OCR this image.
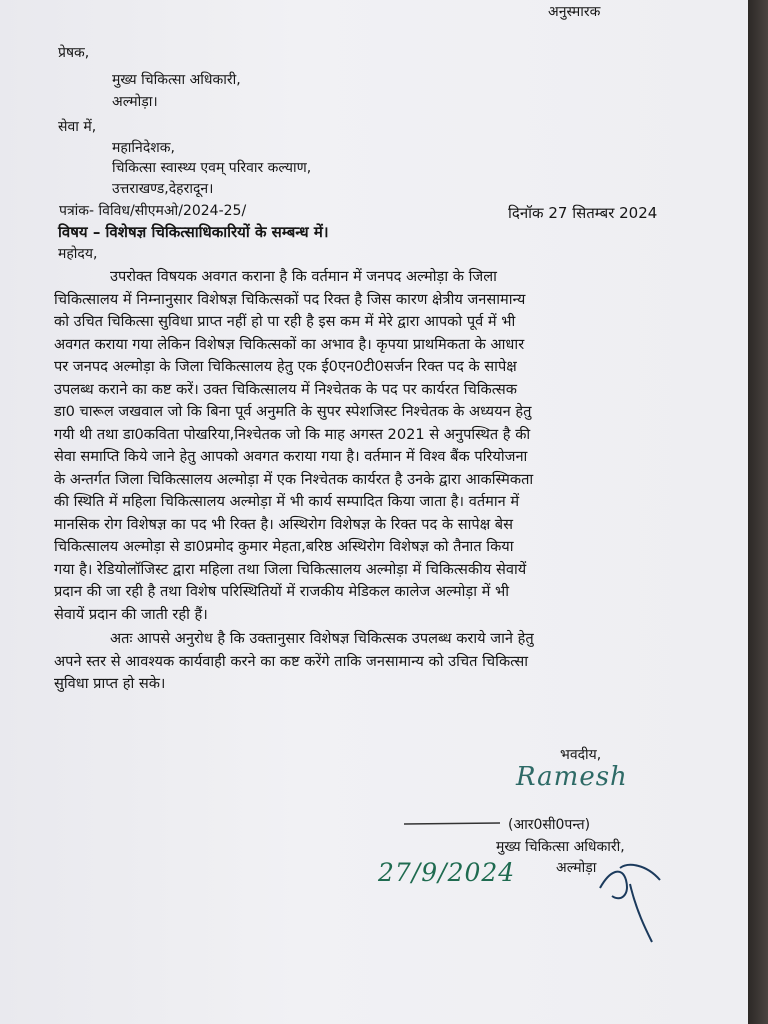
अनुस्मारक
प्रेषक,
मुख्य चिकित्सा अधिकारी,
अल्मोड़ा।
सेवा में,
महानिदेशक,
चिकित्सा स्वास्थ्य एवम् परिवार कल्याण,
उत्तराखण्ड,देहरादून।
पत्रांक- विविध/सीएमओ/2024-25/	दिनॉक 27 सितम्बर 2024
विषय – विशेषज्ञ चिकित्साधिकारियों के सम्बन्ध में।
महोदय,
उपरोक्त विषयक अवगत कराना है कि वर्तमान में जनपद अल्मोड़ा के जिला
चिकित्सालय में निम्नानुसार विशेषज्ञ चिकित्सकों पद रिक्त है जिस कारण क्षेत्रीय जनसामान्य
को उचित चिकित्सा सुविधा प्राप्त नहीं हो पा रही है इस कम में मेरे द्वारा आपको पूर्व में भी
अवगत कराया गया लेकिन विशेषज्ञ चिकित्सकों का अभाव है। कृपया प्राथमिकता के आधार
पर जनपद अल्मोड़ा के जिला चिकित्सालय हेतु एक ई0एन0टी0सर्जन रिक्त पद के सापेक्ष
उपलब्ध कराने का कष्ट करें। उक्त चिकित्सालय में निश्चेतक के पद पर कार्यरत चिकित्सक
डा0 चारूल जखवाल जो कि बिना पूर्व अनुमति के सुपर स्पेशजिस्ट निश्चेतक के अध्ययन हेतु
गयी थी तथा डा0कविता पोखरिया,निश्चेतक जो कि माह अगस्त 2021 से अनुपस्थित है की
सेवा समाप्ति किये जाने हेतु आपको अवगत कराया गया है। वर्तमान में विश्व बैंक परियोजना
के अन्तर्गत जिला चिकित्सालय अल्मोड़ा में एक निश्चेतक कार्यरत है उनके द्वारा आकस्मिकता
की स्थिति में महिला चिकित्सालय अल्मोड़ा में भी कार्य सम्पादित किया जाता है। वर्तमान में
मानसिक रोग विशेषज्ञ का पद भी रिक्त है। अस्थिरोग विशेषज्ञ के रिक्त पद के सापेक्ष बेस
चिकित्सालय अल्मोड़ा से डा0प्रमोद कुमार मेहता,बरिष्ठ अस्थिरोग विशेषज्ञ को तैनात किया
गया है। रेडियोलॉजिस्ट द्वारा महिला तथा जिला चिकित्सालय अल्मोड़ा में चिकित्सकीय सेवायें
प्रदान की जा रही है तथा विशेष परिस्थितियों में राजकीय मेडिकल कालेज अल्मोड़ा में भी
सेवायें प्रदान की जाती रही हैं।
अतः आपसे अनुरोध है कि उक्तानुसार विशेषज्ञ चिकित्सक उपलब्ध कराये जाने हेतु
अपने स्तर से आवश्यक कार्यवाही करने का कष्ट करेंगे ताकि जनसामान्य को उचित चिकित्सा
सुविधा प्राप्त हो सके।
भवदीय,
Ramesh
(आर0सी0पन्त)
मुख्य चिकित्सा अधिकारी,
अल्मोड़ा
27/9/2024
